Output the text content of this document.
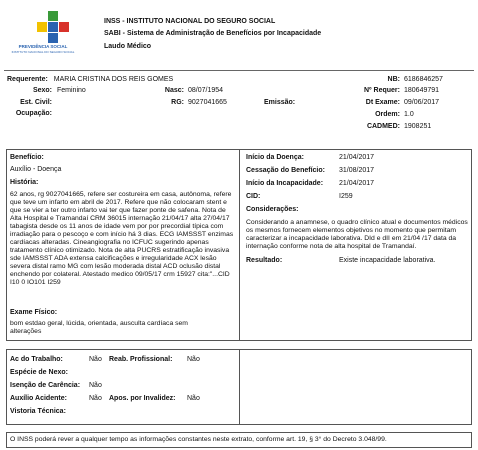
PREVIDÊNCIA SOCIAL
INSTITUTO NACIONAL DO SEGURO SOCIAL
INSS - INSTITUTO NACIONAL DO SEGURO SOCIAL
SABI - Sistema de Administração de Benefícios por Incapacidade
Laudo Médico
Requerente: MARIA CRISTINA DOS REIS GOMES	NB: 6186846257
Sexo: Feminino	Nasc: 08/07/1954	Nº Requer: 180649791
Est. Civil:	RG: 9027041665	Emissão:	Dt Exame: 09/06/2017
Ocupação:	Ordem: 1.0
CADMED: 1908251
Benefício:
Auxílio - Doença
História:
62 anos, rg 9027041665, refere ser costureira em casa, autônoma, refere que teve um infarto em abril de 2017. Refere que não colocaram stent e que se vier a ter outro infarto vai ter que fazer ponte de safena. Nota de Alta Hospital e Tramandaí CRM 36015 internação 21/04/17 alta 27/04/17 tabagista desde os 11 anos de idade vem por por precordial típica com irradiação para o pescoço e com início há 3 dias. ECG IAMSSST enzimas cardíacas alteradas. Cineangiografia no ICFUC sugerindo apenas tratamento clínico otimizado. Nota de alta PUCRS estratificação invasiva sde IAMSSST ADA extensa calcificações e irregularidade ACX lesão severa distal ramo MG com lesão moderada distal ACD oclusão distal enchendo por colateral. Atestado medico 09/05/17 crm 15927 cita:"...CID I10 0 IO101 I259
Exame Físico:
bom estdao geral, lúcida, orientada, ausculta cardíaca sem alterações
Início da Doença:	21/04/2017
Cessação do Benefício: 31/08/2017
Início da Incapacidade: 21/04/2017
CID:	I259
Considerações:
Considerando a anamnese, o quadro clínico atual e documentos médicos os mesmos fornecem elementos objetivos no momento que permitam caracterizar a incapacidade laborativa. DId e dII em 21/04 /17 data da internação conforme nota de alta hospital de Tramandaí.
Resultado:	Existe incapacidade laborativa.
Ac do Trabalho:	Não Reab. Profissional: Não
Espécie de Nexo:
Isenção de Carência: Não
Auxílio Acidente:	Não Apos. por Invalidez: Não
Vistoria Técnica:
O INSS poderá rever a qualquer tempo as informações constantes neste extrato, conforme art. 19, § 3° do Decreto 3.048/99.
